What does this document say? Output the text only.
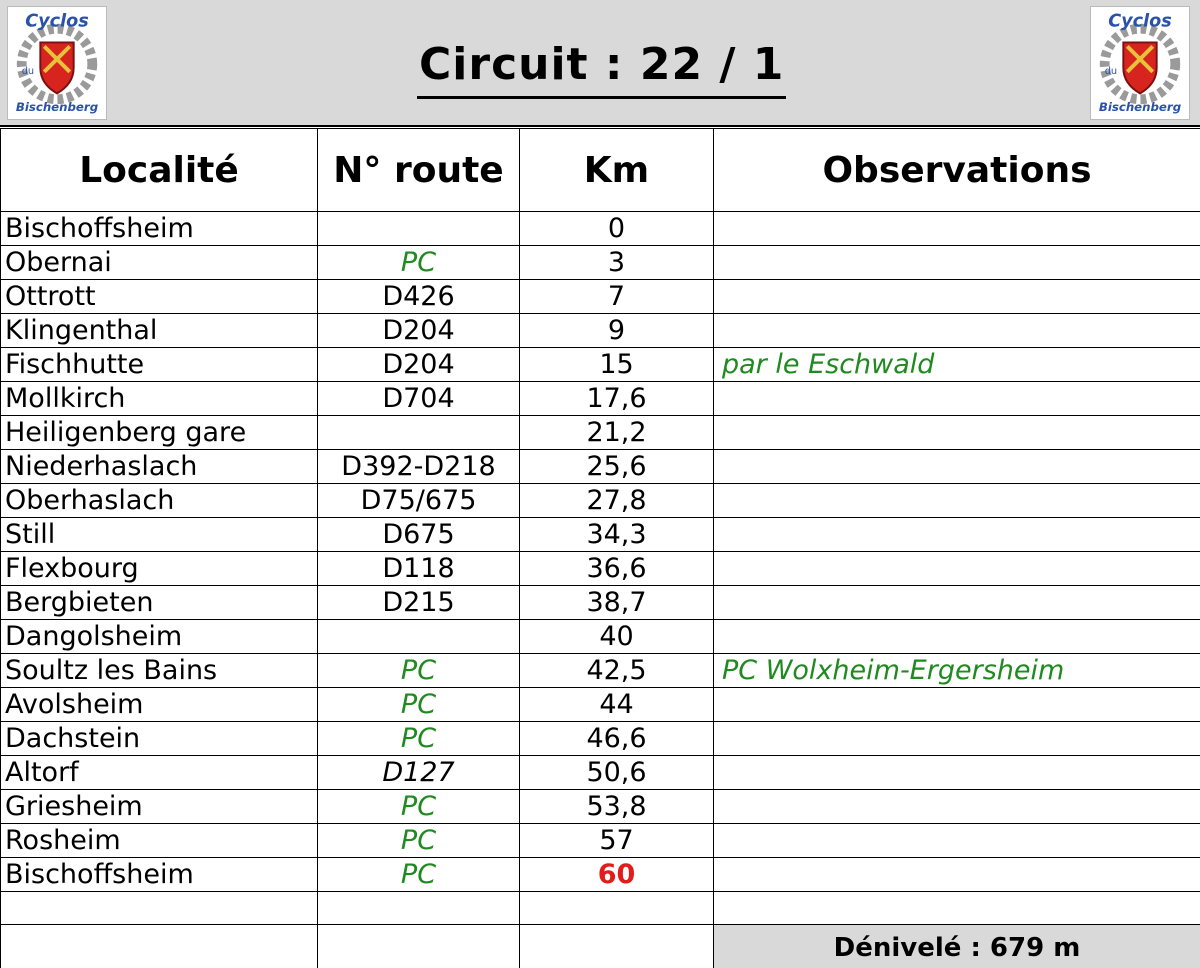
Cyclos
du
Bischenberg
Circuit : 22 / 1
Cyclos
du
Bischenberg
Localité	N° route	Km	Observations
Bischoffsheim		0	
Obernai	PC	3	
Ottrott	D426	7	
Klingenthal	D204	9	
Fischhutte	D204	15	par le Eschwald
Mollkirch	D704	17,6	
Heiligenberg gare		21,2	
Niederhaslach	D392-D218	25,6	
Oberhaslach	D75/675	27,8	
Still	D675	34,3	
Flexbourg	D118	36,6	
Bergbieten	D215	38,7	
Dangolsheim		40	
Soultz les Bains	PC	42,5	PC Wolxheim-Ergersheim
Avolsheim	PC	44	
Dachstein	PC	46,6	
Altorf	D127	50,6	
Griesheim	PC	53,8	
Rosheim	PC	57	
Bischoffsheim	PC	60	

			Dénivelé : 679 m
